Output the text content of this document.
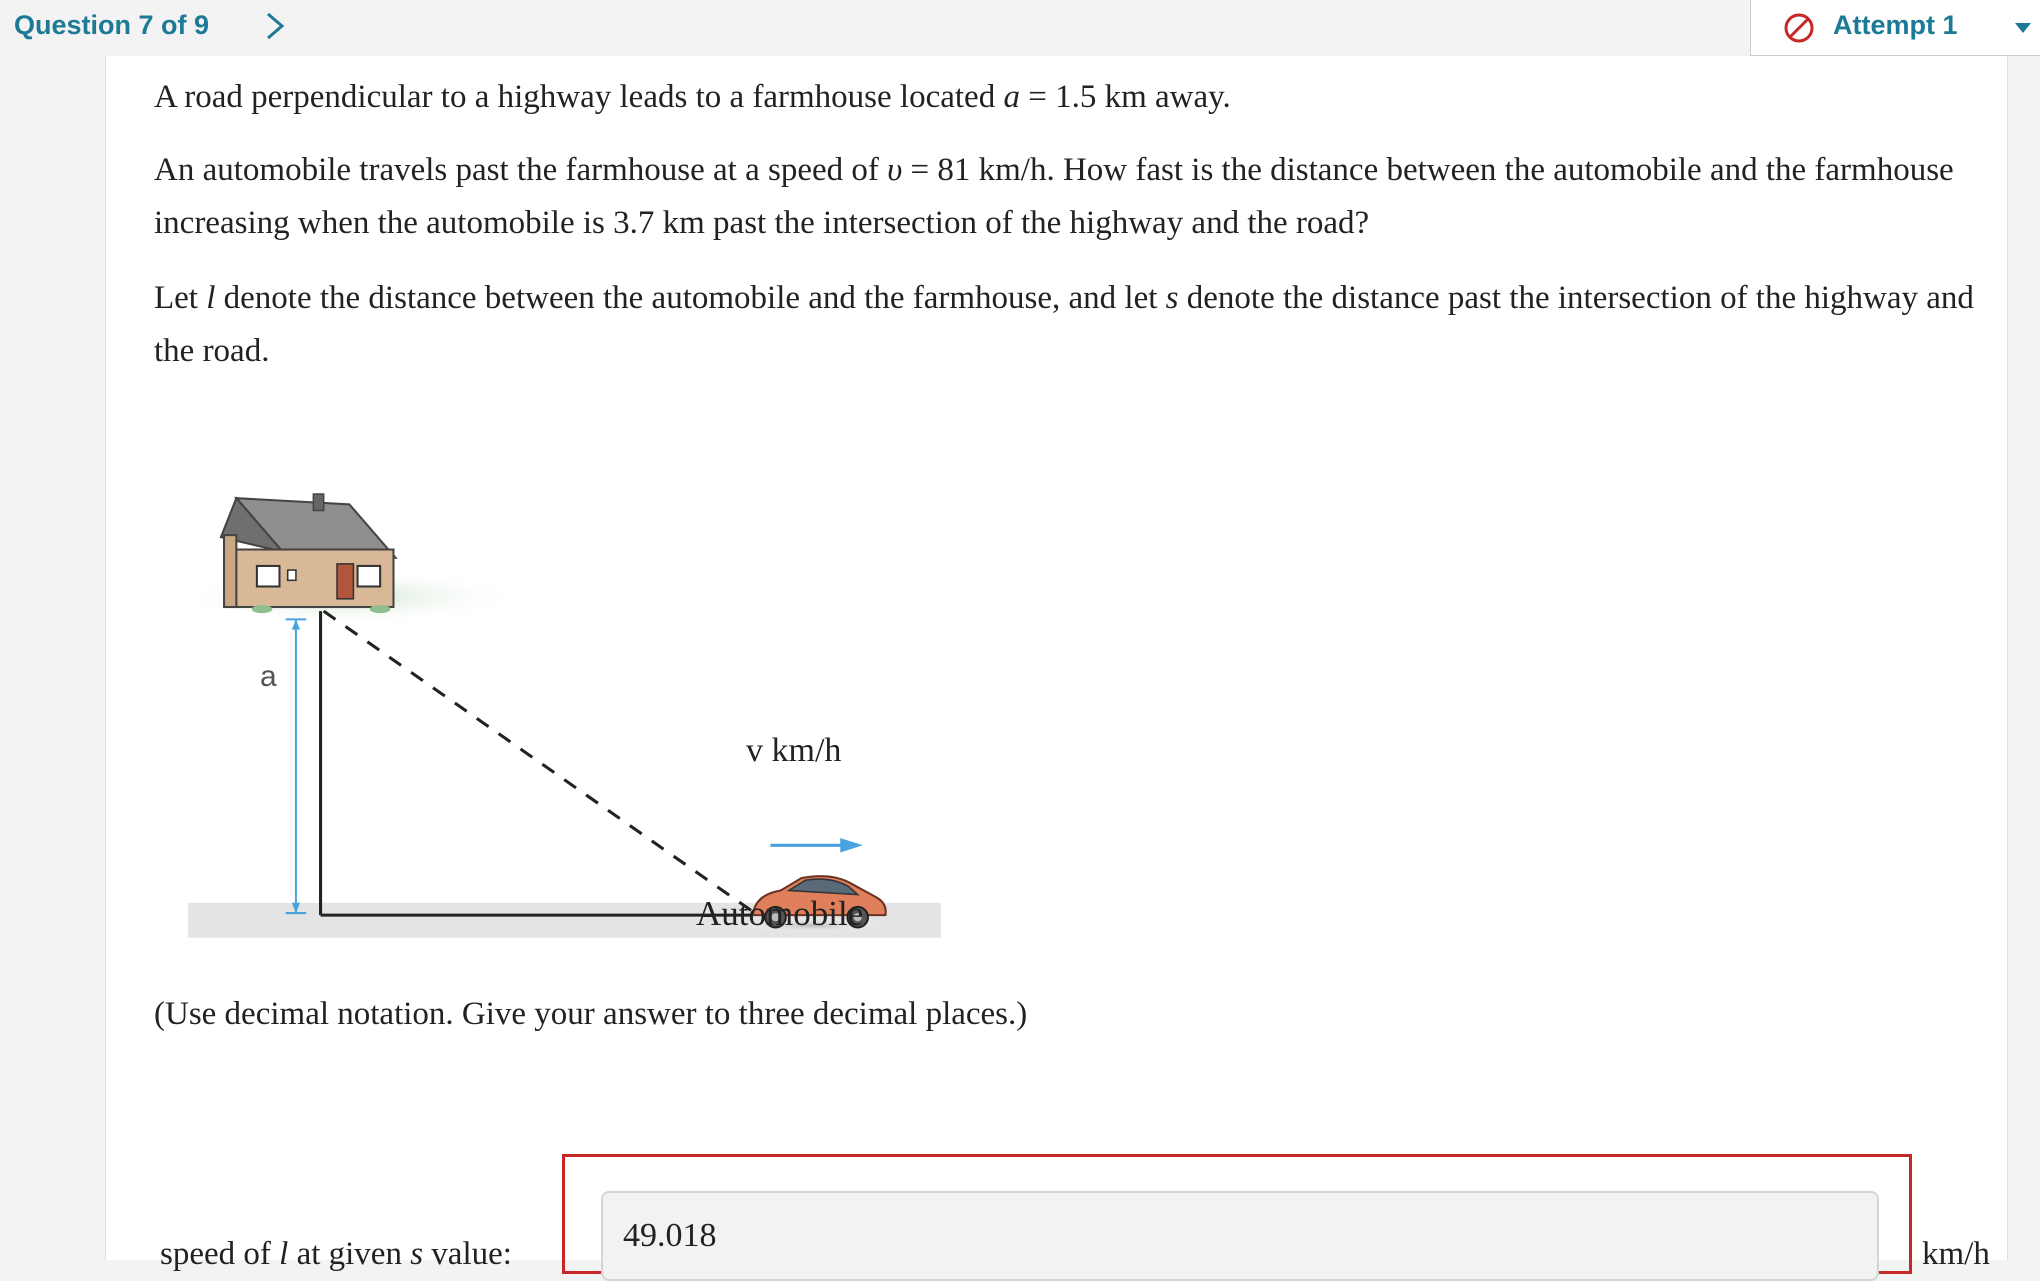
Question 7 of 9	Attempt 1

A road perpendicular to a highway leads to a farmhouse located a = 1.5 km away.

An automobile travels past the farmhouse at a speed of υ = 81 km/h. How fast is the distance between the automobile and the farmhouse increasing when the automobile is 3.7 km past the intersection of the highway and the road?

Let l denote the distance between the automobile and the farmhouse, and let s denote the distance past the intersection of the highway and the road.

(Use decimal notation. Give your answer to three decimal places.)

a
v km/h
Automobile
speed of l at given s value:
49.018	km/h
